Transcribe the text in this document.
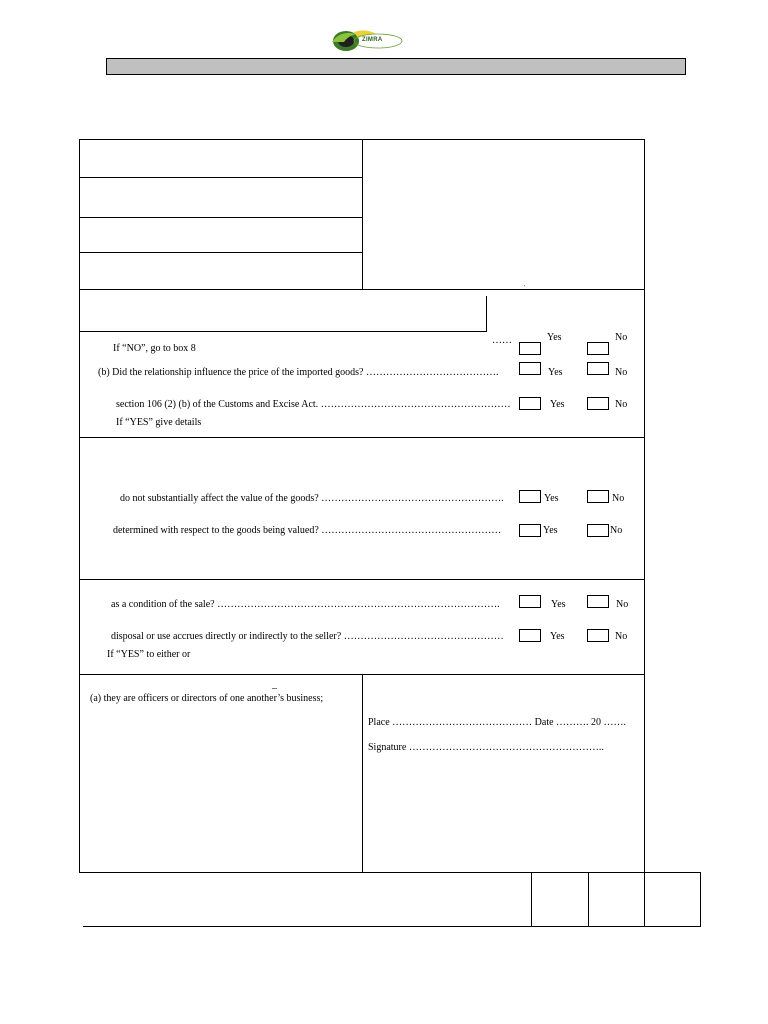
ZIMRA
'
……	Yes	No
If “NO”, go to box 8
(b) Did the relationship influence the price of the imported goods? ………………………………….	Yes	No
section 106 (2) (b) of the Customs and Excise Act. …………………………………………………	Yes	No
If “YES” give details
do not substantially affect the value of the goods? ……………………………………………….	Yes	No
determined with respect to the goods being valued? ………………………………………………	Yes	No
as a condition of the sale? ………………………………………………………………………….	Yes	No
disposal or use accrues directly or indirectly to the seller? …………………………………………	Yes	No
If “YES” to either or
_
(a) they are officers or directors of one another’s business;
Place …………………………………… Date ………. 20 …….
Signature …………………………………………………..
